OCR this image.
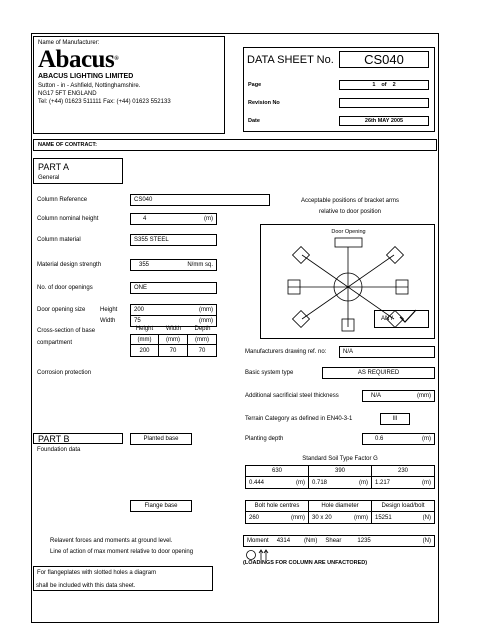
Name of Manufacturer:
Abacus®
ABACUS LIGHTING LIMITED
Sutton - in - Ashfield, Nottinghamshire.
NG17 5FT ENGLAND
Tel: (+44) 01623 511111 Fax: (+44) 01623 552133
DATA SHEET No. CS040
Page	1 of 2
Revision No
Date	26th MAY 2005
NAME OF CONTRACT:
PART A
General
Column Reference	CS040
Column nominal height	4	(m)
Column material	S355 STEEL
Material design strength	355	N/mm sq.
No. of door openings	ONE
Door opening size Height	200	(mm)
Width	75	(mm)
Cross-section of base
compartment
Height	Width	Depth
(mm)	(mm)	(mm)
200	70	70
Acceptable positions of bracket arms
relative to door position
Door Opening
ANY
Manufacturers drawing ref. no:	N/A
Corrosion protection	Basic system type	AS REQUIRED
Additional sacrificial steel thickness	N/A	(mm)
Terrain Category as defined in EN40-3-1	III
PART B
Foundation data
Planted base	Planting depth	0.6	(m)
Standard Soil Type Factor G
630	390	230
0.444	(m) 0.718	(m) 1.217	(m)
Flange base	Bolt hole centres	Hole diameter	Design load/bolt
260	(mm) 30 x 20	(mm) 15251	(N)
Relavent forces and moments at ground level.
Line of action of max moment relative to door opening
Moment 4314 (Nm) Shear	1235	(N)
(LOADINGS FOR COLUMN ARE UNFACTORED)
For flangeplates with slotted holes a diagram
shall be included with this data sheet.
